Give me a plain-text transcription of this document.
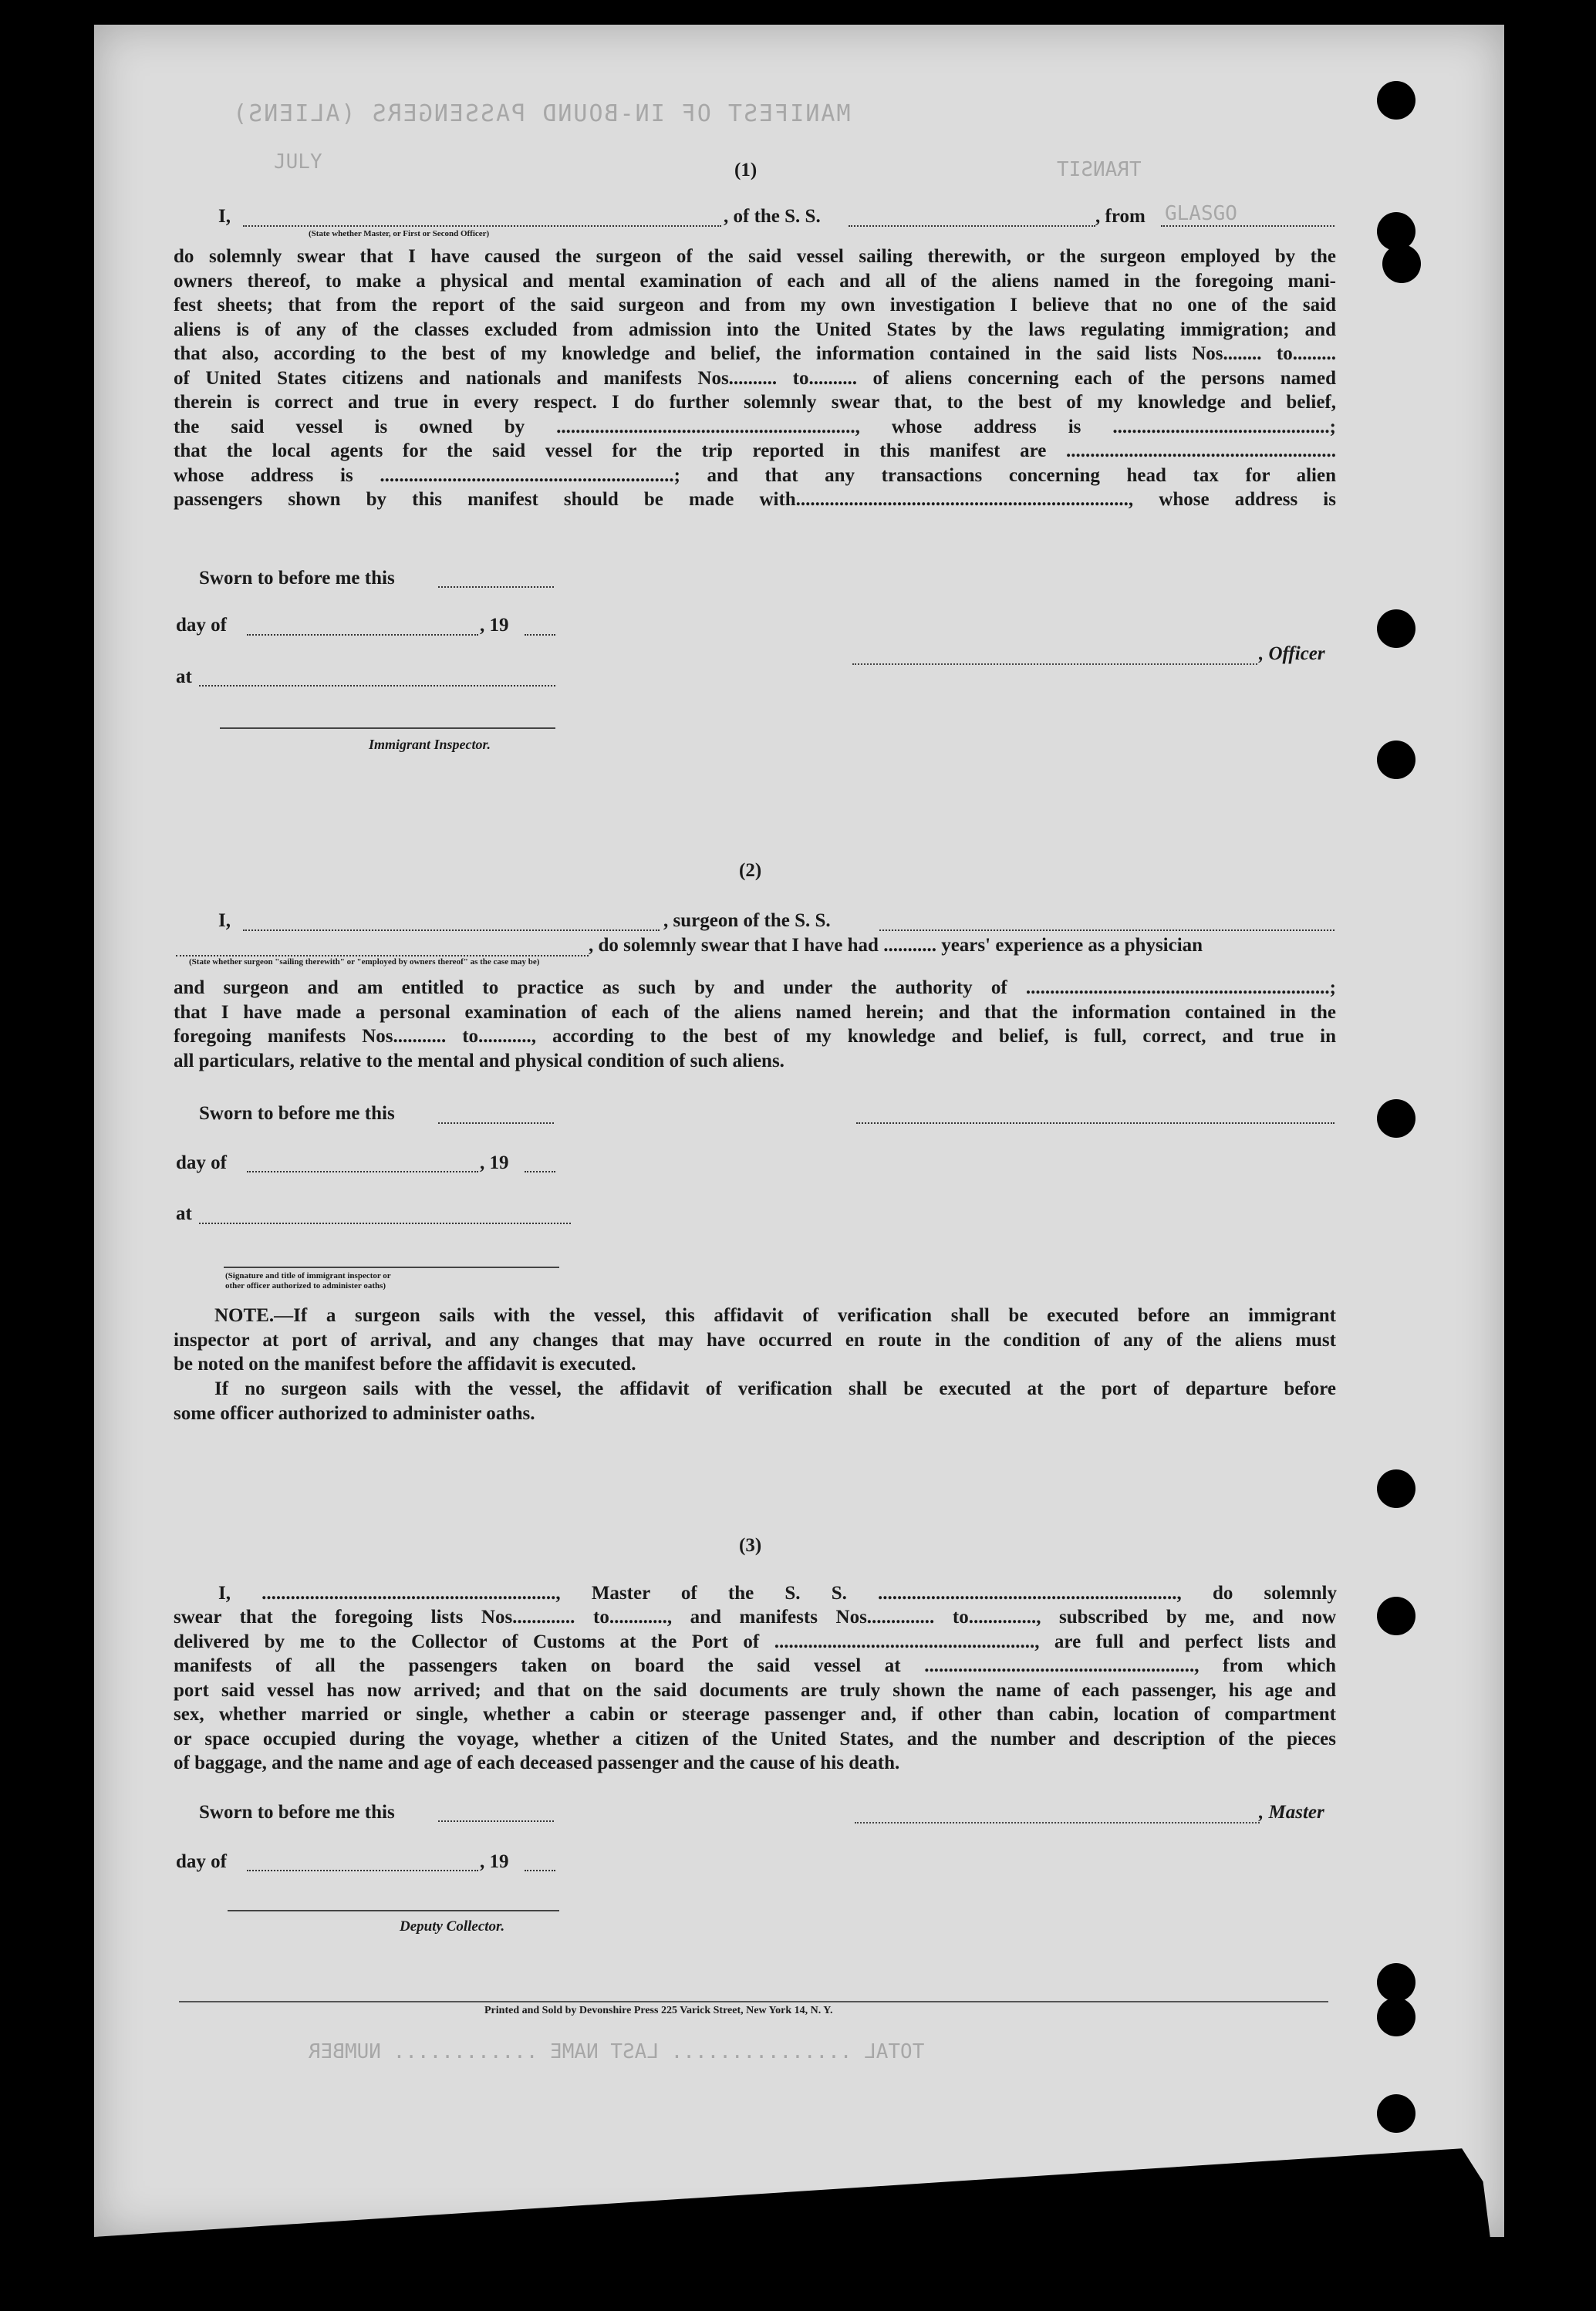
MANIFEST OF IN-BOUND PASSENGERS (ALIENS)
JULY	TRANSIT
TOTAL ............... LAST NAME ............ NUMBER
(1)
I,	, of the S. S.	, from GLASGO
(State whether Master, or First or Second Officer)
do solemnly swear that I have caused the surgeon of the said vessel sailing therewith, or the surgeon employed by the
owners thereof, to make a physical and mental examination of each and all of the aliens named in the foregoing mani-
fest sheets; that from the report of the said surgeon and from my own investigation I believe that no one of the said
aliens is of any of the classes excluded from admission into the United States by the laws regulating immigration; and
that also, according to the best of my knowledge and belief, the information contained in the said lists Nos........ to.........
of United States citizens and nationals and manifests Nos.......... to.......... of aliens concerning each of the persons named
therein is correct and true in every respect. I do further solemnly swear that, to the best of my knowledge and belief,
the said vessel is owned by .............................................................., whose address is .............................................;
that the local agents for the said vessel for the trip reported in this manifest are ........................................................
whose address is .............................................................; and that any transactions concerning head tax for alien
passengers shown by this manifest should be made with....................................................................., whose address is
Sworn to before me this
day of	, 19
, Officer
at
Immigrant Inspector.
(2)
I,	, surgeon of the S. S.
, do solemnly swear that I have had ........... years' experience as a physician
(State whether surgeon "sailing therewith" or "employed by owners thereof" as the case may be)
and surgeon and am entitled to practice as such by and under the authority of ...............................................................;
that I have made a personal examination of each of the aliens named herein; and that the information contained in the
foregoing manifests Nos........... to..........., according to the best of my knowledge and belief, is full, correct, and true in
all particulars, relative to the mental and physical condition of such aliens.
Sworn to before me this
day of	, 19
at
(Signature and title of immigrant inspector or
other officer authorized to administer oaths)
NOTE.—If a surgeon sails with the vessel, this affidavit of verification shall be executed before an immigrant
inspector at port of arrival, and any changes that may have occurred en route in the condition of any of the aliens must
be noted on the manifest before the affidavit is executed.
If no surgeon sails with the vessel, the affidavit of verification shall be executed at the port of departure before
some officer authorized to administer oaths.
(3)
I, ............................................................., Master of the S. S. .............................................................., do solemnly
swear that the foregoing lists Nos............. to............, and manifests Nos.............. to.............., subscribed by me, and now
delivered by me to the Collector of Customs at the Port of ......................................................, are full and perfect lists and
manifests of all the passengers taken on board the said vessel at ........................................................, from which
port said vessel has now arrived; and that on the said documents are truly shown the name of each passenger, his age and
sex, whether married or single, whether a cabin or steerage passenger and, if other than cabin, location of compartment
or space occupied during the voyage, whether a citizen of the United States, and the number and description of the pieces
of baggage, and the name and age of each deceased passenger and the cause of his death.
Sworn to before me this	, Master
day of	, 19
Deputy Collector.
Printed and Sold by Devonshire Press 225 Varick Street, New York 14, N. Y.
